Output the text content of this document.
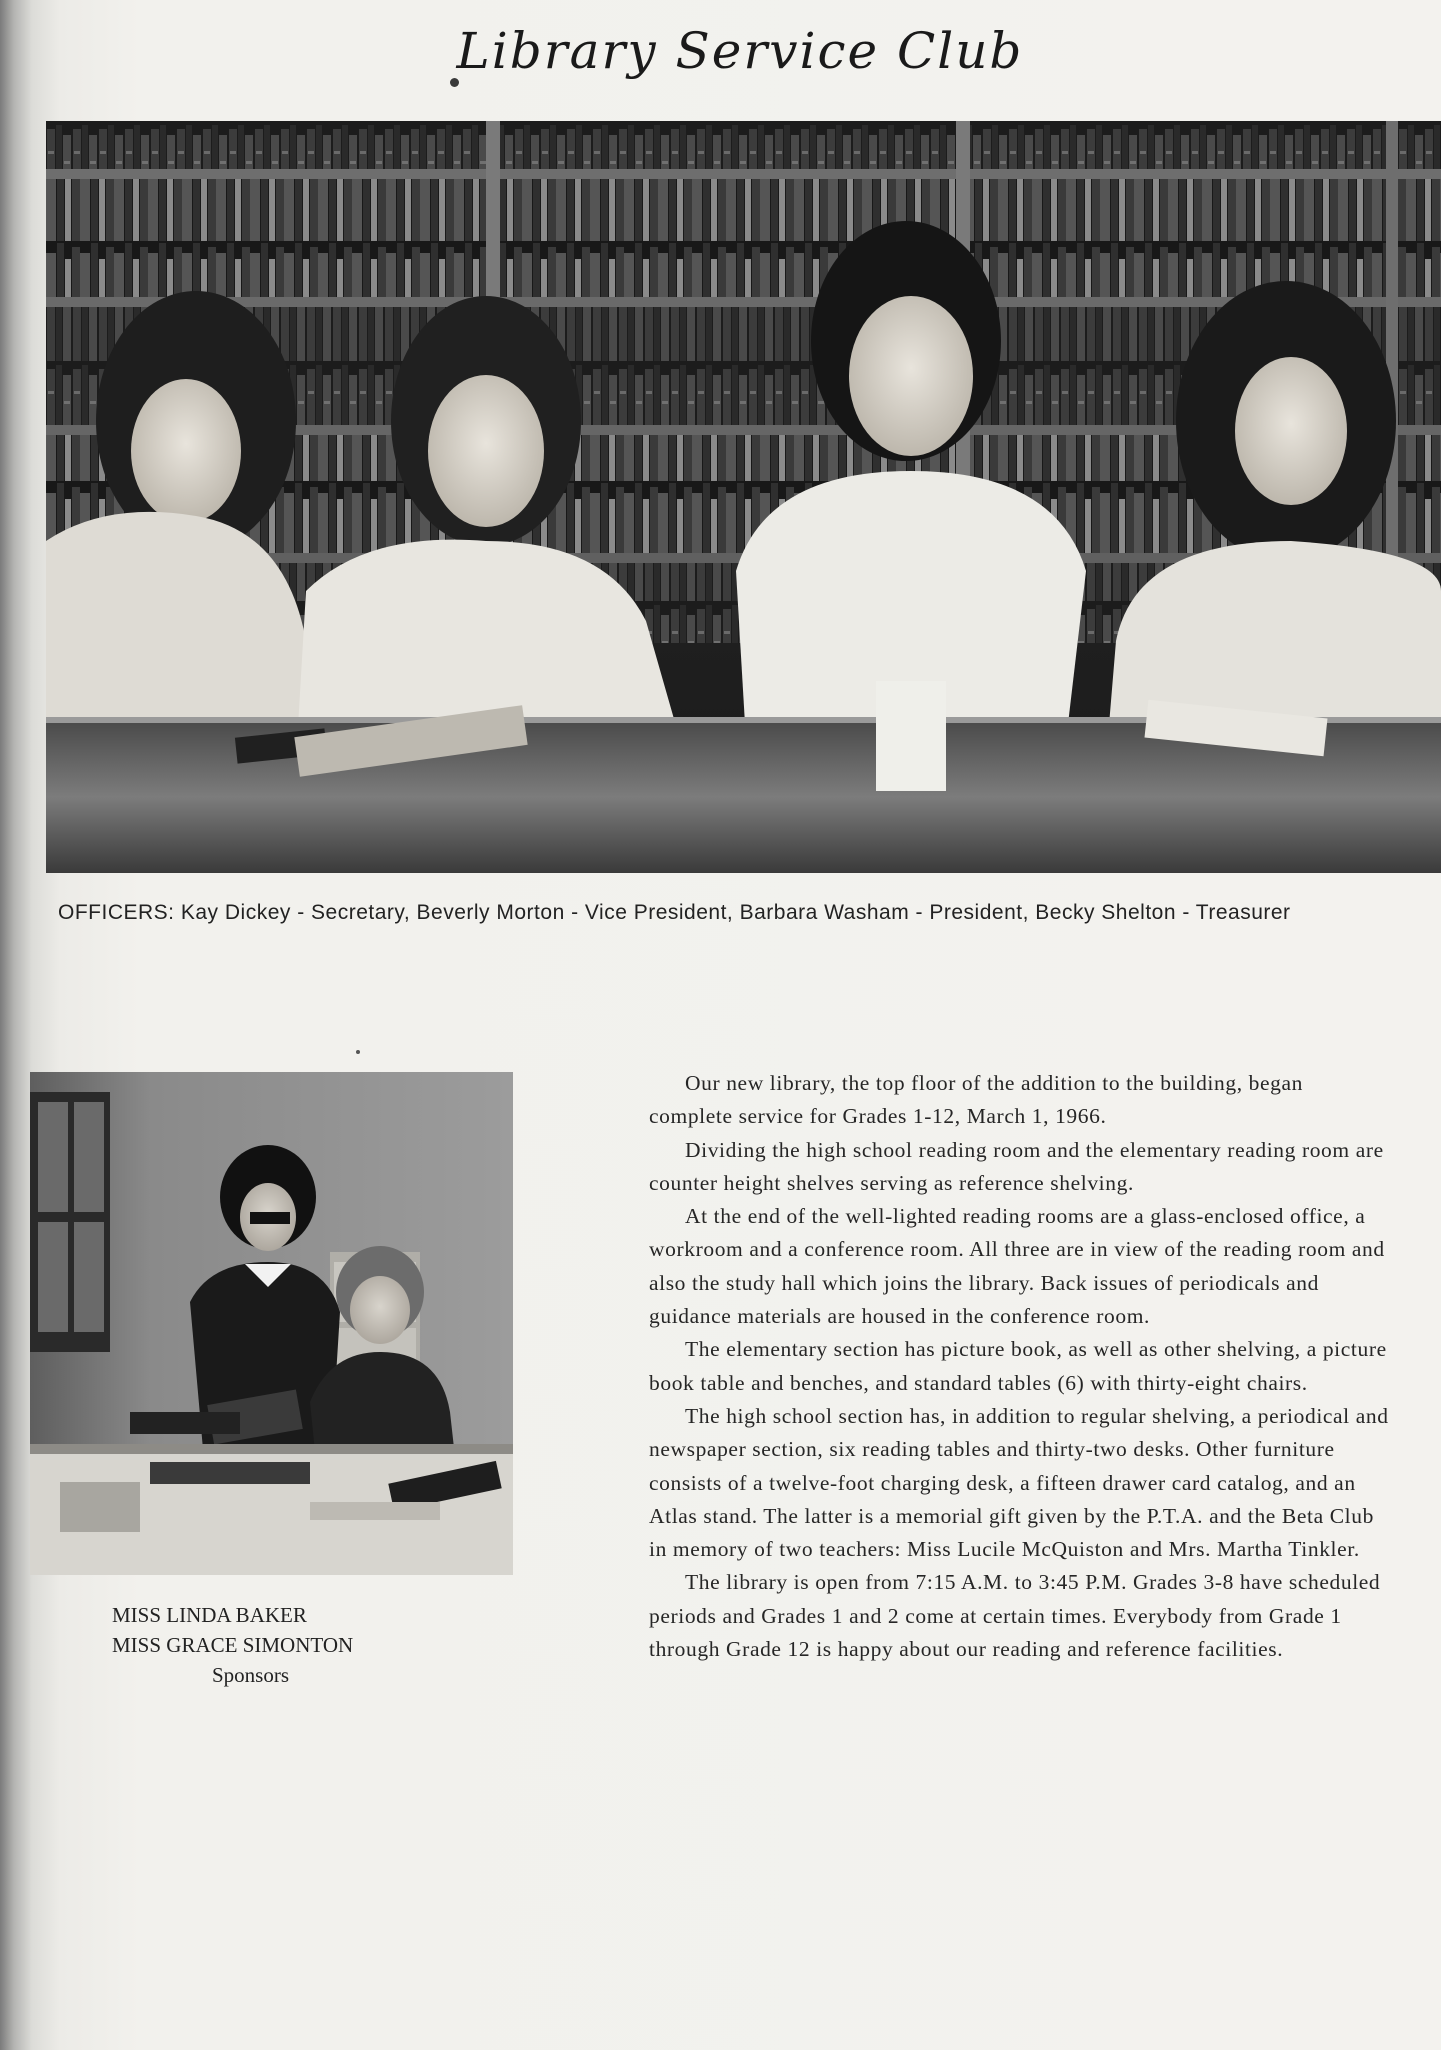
Library Service Club
OFFICERS: Kay Dickey - Secretary, Beverly Morton - Vice President, Barbara Washam - President, Becky Shelton - Treasurer
MISS LINDA BAKER
MISS GRACE SIMONTON
Sponsors

Our new library, the top floor of the addition to the building, began complete service for Grades 1-12, March 1, 1966.

Dividing the high school reading room and the elementary reading room are counter height shelves serving as reference shelving.

At the end of the well-lighted reading rooms are a glass-enclosed office, a workroom and a conference room. All three are in view of the reading room and also the study hall which joins the library. Back issues of periodicals and guidance materials are housed in the conference room.

The elementary section has picture book, as well as other shelving, a picture book table and benches, and standard tables (6) with thirty-eight chairs.

The high school section has, in addition to regular shelving, a periodical and newspaper section, six reading tables and thirty-two desks. Other furniture consists of a twelve-foot charging desk, a fifteen drawer card catalog, and an Atlas stand. The latter is a memorial gift given by the P.T.A. and the Beta Club in memory of two teachers: Miss Lucile McQuiston and Mrs. Martha Tinkler.

The library is open from 7:15 A.M. to 3:45 P.M. Grades 3-8 have scheduled periods and Grades 1 and 2 come at certain times. Everybody from Grade 1 through Grade 12 is happy about our reading and reference facilities.
